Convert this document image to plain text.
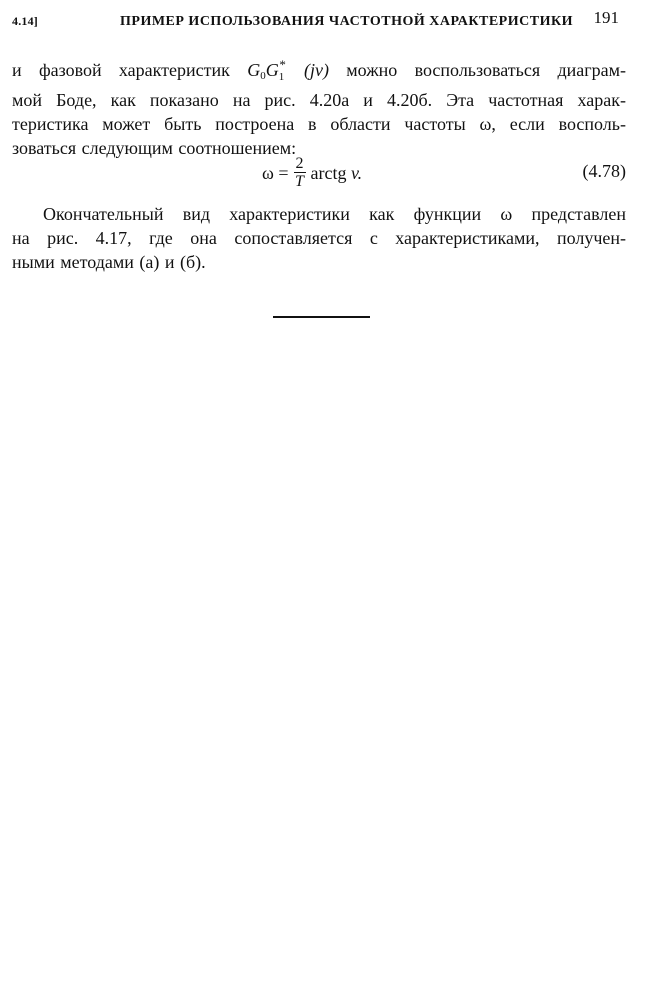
4.14]	ПРИМЕР ИСПОЛЬЗОВАНИЯ ЧАСТОТНОЙ ХАРАКТЕРИСТИКИ 191
и фазовой характеристик $G_0G$ *
1 (jv) можно воспользоваться диаграм-
мой Боде, как показано на рис. 4.20а и 4.20б. Эта частотная харак-
теристика может быть построена в области частоты ω, если восполь-
зоваться следующим соотношением:
$\omega = \frac{2}{T}$ arctg
v.	(4.78)
Окончательный вид характеристики как функции ω представлен
на рис. 4.17, где она сопоставляется с характеристиками, получен-
ными методами (а) и (б).
